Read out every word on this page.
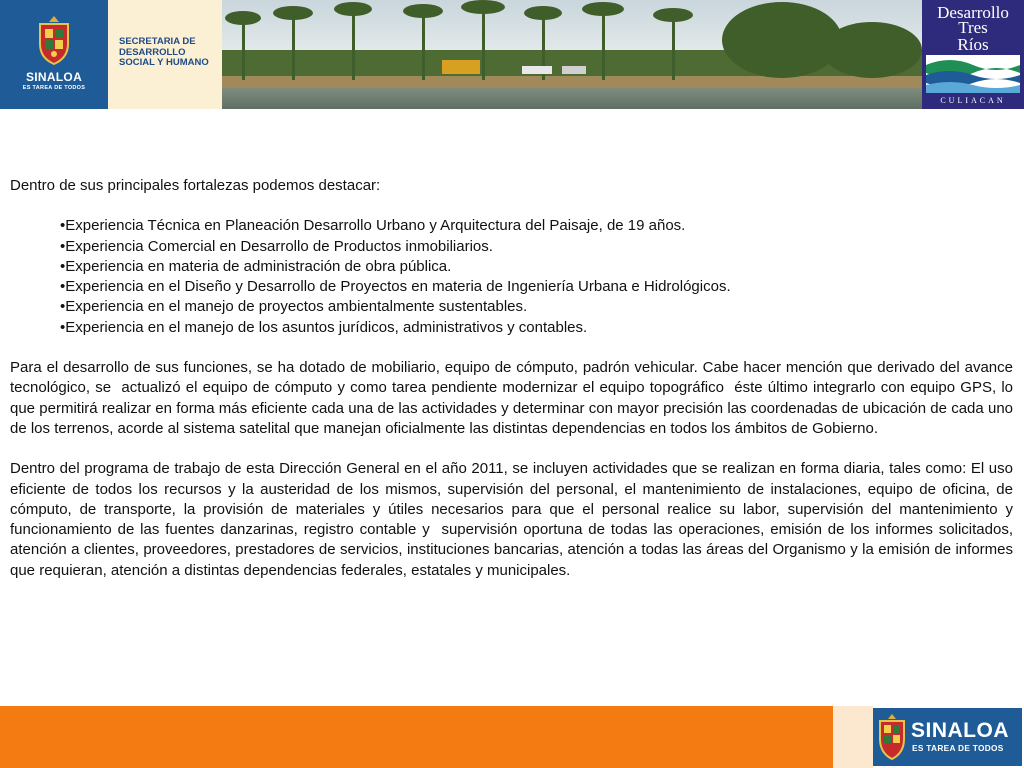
SINALOA
ES TAREA DE TODOS
SECRETARIA DE DESARROLLO SOCIAL Y HUMANO
Desarrollo
Tres
Ríos
CULIACAN

Dentro de sus principales fortalezas podemos destacar:

•Experiencia Técnica en Planeación Desarrollo Urbano y Arquitectura del Paisaje, de 19 años.
•Experiencia Comercial en Desarrollo de Productos inmobiliarios.
•Experiencia en materia de administración de obra pública.
•Experiencia en el Diseño y Desarrollo de Proyectos en materia de Ingeniería Urbana e Hidrológicos.
•Experiencia en el manejo de proyectos ambientalmente sustentables.
•Experiencia en el manejo de los asuntos jurídicos, administrativos y contables.

Para el desarrollo de sus funciones, se ha dotado de mobiliario, equipo de cómputo, padrón vehicular. Cabe hacer mención que derivado del avance tecnológico, se  actualizó el equipo de cómputo y como tarea pendiente modernizar el equipo topográfico  éste último integrarlo con equipo GPS, lo que permitirá realizar en forma más eficiente cada una de las actividades y determinar con mayor precisión las coordenadas de ubicación de cada uno de los terrenos, acorde al sistema satelital que manejan oficialmente las distintas dependencias en todos los ámbitos de Gobierno.

Dentro del programa de trabajo de esta Dirección General en el año 2011, se incluyen actividades que se realizan en forma diaria, tales como: El uso eficiente de todos los recursos y la austeridad de los mismos, supervisión del personal, el mantenimiento de instalaciones, equipo de oficina, de cómputo, de transporte, la provisión de materiales y útiles necesarios para que el personal realice su labor, supervisión del mantenimiento y funcionamiento de las fuentes danzarinas, registro contable y  supervisión oportuna de todas las operaciones, emisión de los informes solicitados, atención a clientes, proveedores, prestadores de servicios, instituciones bancarias, atención a todas las áreas del Organismo y la emisión de informes que requieran, atención a distintas dependencias federales, estatales y municipales.

SINALOA
ES TAREA DE TODOS
